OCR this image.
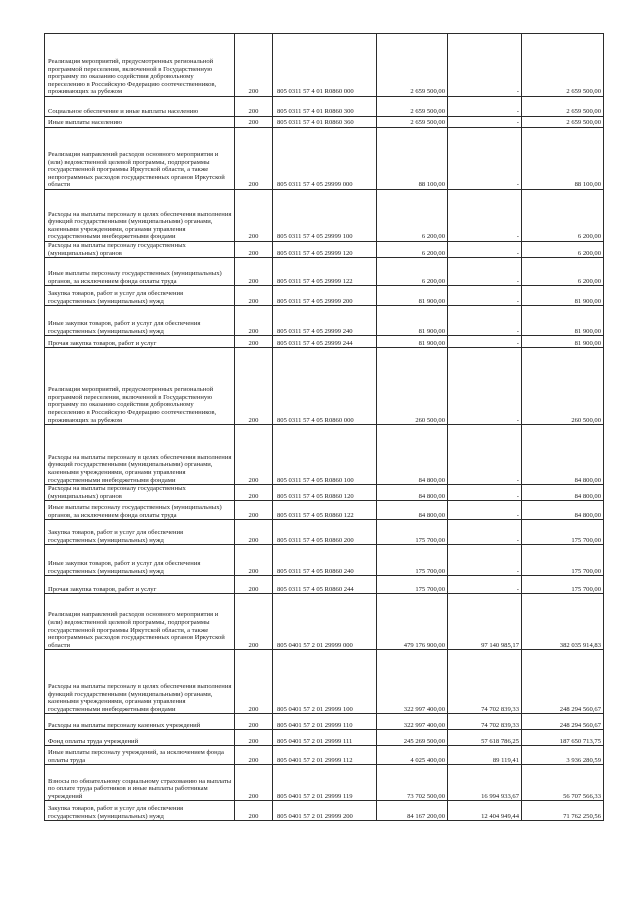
Реализация мероприятий, предусмотренных региональной программой переселения, включенной в Государственную программу по оказанию содействия добровольному переселению в Российскую Федерацию соотечественников, проживающих за рубежом	200	805 0311 57 4 01 R0860 000	2 659 500,00	-	2 659 500,00
Социальное обеспечение и иные выплаты населению	200	805 0311 57 4 01 R0860 300	2 659 500,00	-	2 659 500,00
Иные выплаты населению	200	805 0311 57 4 01 R0860 360	2 659 500,00	-	2 659 500,00
Реализация направлений расходов основного мероприятия и (или) ведомственной целевой программы, подпрограммы государственной программы Иркутской области, а также непрограммных расходов государственных органов Иркутской области	200	805 0311 57 4 05 29999 000	88 100,00	-	88 100,00
Расходы на выплаты персоналу в целях обеспечения выполнения функций государственными (муниципальными) органами, казенными учреждениями, органами управления государственными внебюджетными фондами	200	805 0311 57 4 05 29999 100	6 200,00	-	6 200,00
Расходы на выплаты персоналу государственных (муниципальных) органов	200	805 0311 57 4 05 29999 120	6 200,00	-	6 200,00
Иные выплаты персоналу государственных (муниципальных) органов, за исключением фонда оплаты труда	200	805 0311 57 4 05 29999 122	6 200,00	-	6 200,00
Закупка товаров, работ и услуг для обеспечения государственных (муниципальных) нужд	200	805 0311 57 4 05 29999 200	81 900,00	-	81 900,00
Иные закупки товаров, работ и услуг для обеспечения государственных (муниципальных) нужд	200	805 0311 57 4 05 29999 240	81 900,00	-	81 900,00
Прочая закупка товаров, работ и услуг	200	805 0311 57 4 05 29999 244	81 900,00	-	81 900,00
Реализация мероприятий, предусмотренных региональной программой переселения, включенной в Государственную программу по оказанию содействия добровольному переселению в Российскую Федерацию соотечественников, проживающих за рубежом	200	805 0311 57 4 05 R0860 000	260 500,00	-	260 500,00
Расходы на выплаты персоналу в целях обеспечения выполнения функций государственными (муниципальными) органами, казенными учреждениями, органами управления государственными внебюджетными фондами	200	805 0311 57 4 05 R0860 100	84 800,00	-	84 800,00
Расходы на выплаты персоналу государственных (муниципальных) органов	200	805 0311 57 4 05 R0860 120	84 800,00	-	84 800,00
Иные выплаты персоналу государственных (муниципальных) органов, за исключением фонда оплаты труда	200	805 0311 57 4 05 R0860 122	84 800,00	-	84 800,00
Закупка товаров, работ и услуг для обеспечения государственных (муниципальных) нужд	200	805 0311 57 4 05 R0860 200	175 700,00	-	175 700,00
Иные закупки товаров, работ и услуг для обеспечения государственных (муниципальных) нужд	200	805 0311 57 4 05 R0860 240	175 700,00	-	175 700,00
Прочая закупка товаров, работ и услуг	200	805 0311 57 4 05 R0860 244	175 700,00	-	175 700,00
Реализация направлений расходов основного мероприятия и (или) ведомственной целевой программы, подпрограммы государственной программы Иркутской области, а также непрограммных расходов государственных органов Иркутской области	200	805 0401 57 2 01 29999 000	479 176 900,00	97 140 985,17	382 035 914,83
Расходы на выплаты персоналу в целях обеспечения выполнения функций государственными (муниципальными) органами, казенными учреждениями, органами управления государственными внебюджетными фондами	200	805 0401 57 2 01 29999 100	322 997 400,00	74 702 839,33	248 294 560,67
Расходы на выплаты персоналу казенных учреждений	200	805 0401 57 2 01 29999 110	322 997 400,00	74 702 839,33	248 294 560,67
Фонд оплаты труда учреждений	200	805 0401 57 2 01 29999 111	245 269 500,00	57 618 786,25	187 650 713,75
Иные выплаты персоналу учреждений, за исключением фонда оплаты труда	200	805 0401 57 2 01 29999 112	4 025 400,00	89 119,41	3 936 280,59
Взносы по обязательному социальному страхованию на выплаты по оплате труда работников и иные выплаты работникам учреждений	200	805 0401 57 2 01 29999 119	73 702 500,00	16 994 933,67	56 707 566,33
Закупка товаров, работ и услуг для обеспечения государственных (муниципальных) нужд	200	805 0401 57 2 01 29999 200	84 167 200,00	12 404 949,44	71 762 250,56
